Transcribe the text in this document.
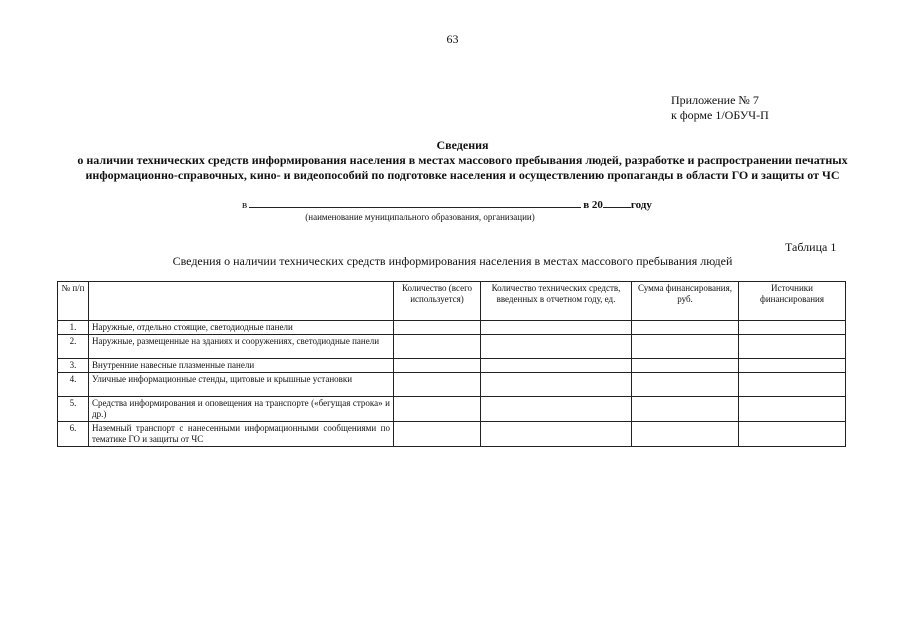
63
Приложение № 7
к форме 1/ОБУЧ-П
Сведения
о наличии технических средств информирования населения в местах массового пребывания людей, разработке и распространении печатных информационно-справочных, кино- и видеопособий по подготовке населения и осуществлению пропаганды в области ГО и защиты от ЧС
в	в 20	году
(наименование муниципального образования, организации)
Таблица 1
Сведения о наличии технических средств информирования населения в местах массового пребывания людей
№ п/п		Количество (всего используется)	Количество технических средств, введенных в отчетном году, ед.	Сумма финансирования, руб.	Источники финансирования
1.	Наружные, отдельно стоящие, светодиодные панели				
2.	Наружные, размещенные на зданиях и сооружениях, светодиодные панели				
3.	Внутренние навесные плазменные панели				
4.	Уличные информационные стенды, щитовые и крышные установки				
5.	Средства информирования и оповещения на транспорте («бегущая строка» и др.)				
6.	Наземный транспорт с нанесенными информационными сообщениями по тематике ГО и защиты от ЧС				
